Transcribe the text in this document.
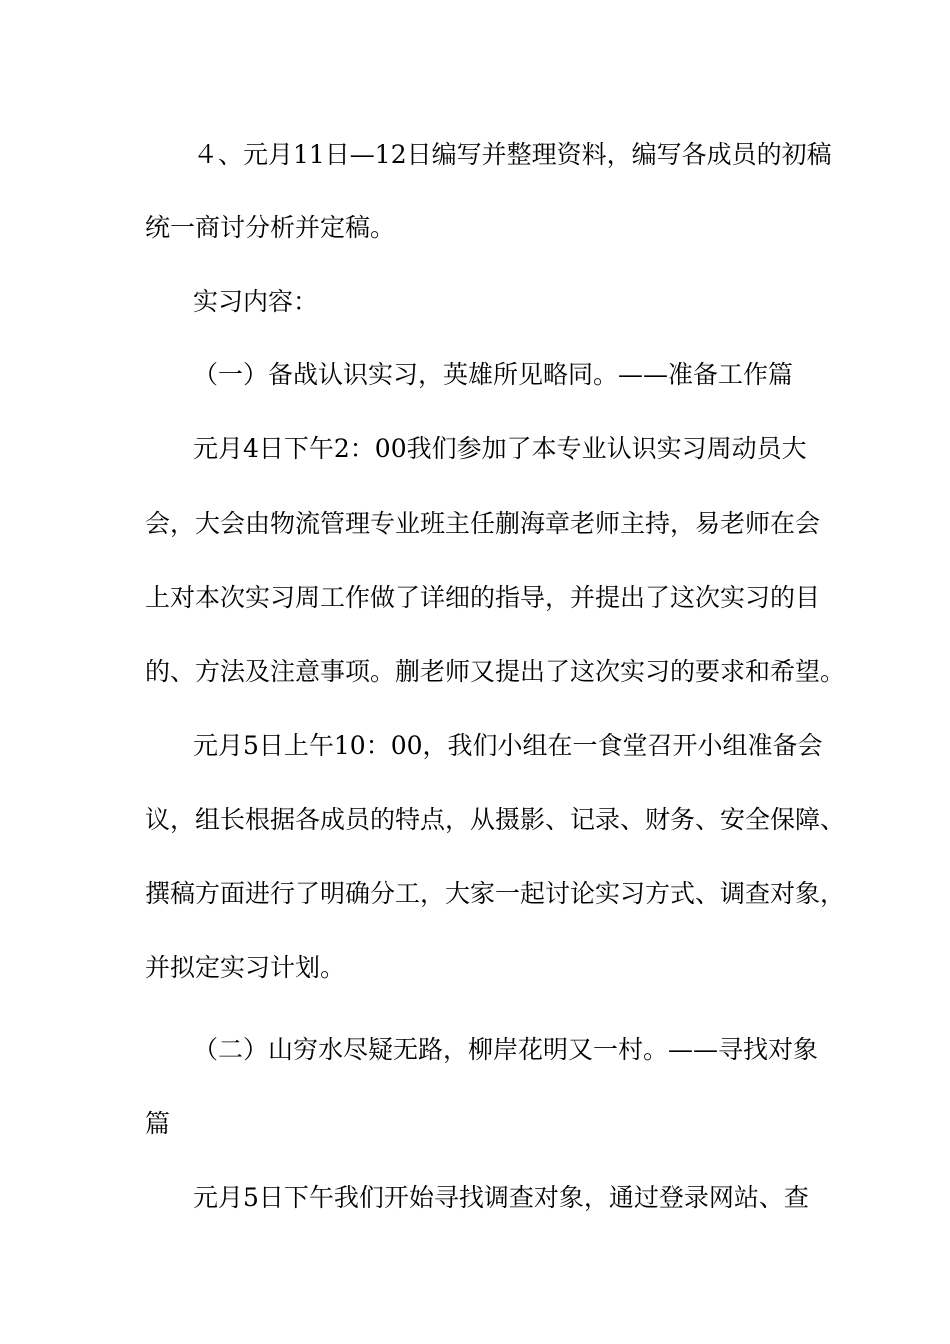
４、元月11日—12日编写并整理资料，编写各成员的初稿
统一商讨分析并定稿。
实习内容：
（一）备战认识实习，英雄所见略同。——准备工作篇
元月4日下午2：00我们参加了本专业认识实习周动员大
会，大会由物流管理专业班主任蒯海章老师主持，易老师在会
上对本次实习周工作做了详细的指导，并提出了这次实习的目
的、方法及注意事项。蒯老师又提出了这次实习的要求和希望。
元月5日上午10：00，我们小组在一食堂召开小组准备会
议，组长根据各成员的特点，从摄影、记录、财务、安全保障、
撰稿方面进行了明确分工，大家一起讨论实习方式、调查对象，
并拟定实习计划。
（二）山穷水尽疑无路，柳岸花明又一村。——寻找对象
篇
元月5日下午我们开始寻找调查对象，通过登录网站、查
